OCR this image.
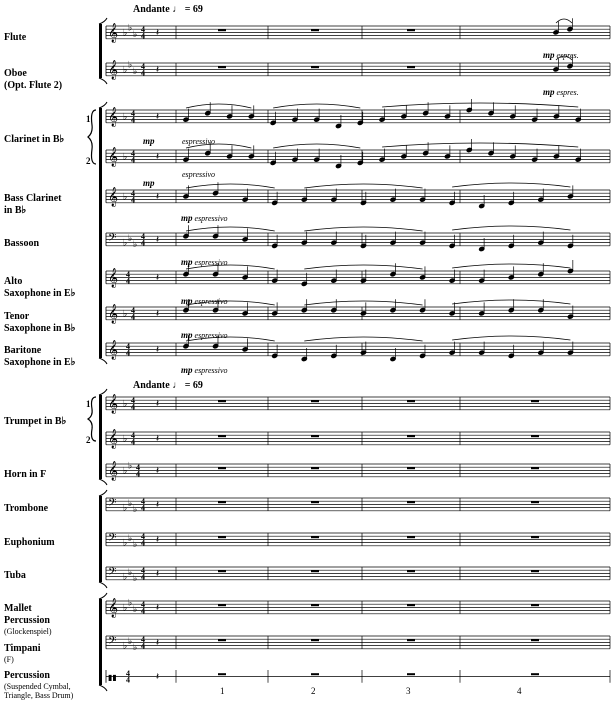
Flute
Oboe
(Opt. Flute 2)
Clarinet in B♭
1
2
Bass Clarinet
in B♭
Bassoon
Alto
Saxophone in E♭
Tenor
Saxophone in B♭
Baritone
Saxophone in E♭
Trumpet in B♭
1
2
Horn in F
Trombone
Euphonium
Tuba
Mallet
Percussion
(Glockenspiel)
Timpani
(F)
Percussion
(Suspended Cymbal,
Triangle, Bass Drum)
Andante ♩ = 69
Andante ♩ = 69
mp espres.
mp espres.
espressivo
mp
espressivo
mp
mp espressivo
mp espressivo
mp espressivo
mp espressivo
mp espressivo
1	2	3	4
𝄞 ♭ ♭
♭
4
4 𝄽
𝄞 ♭ ♭
♭
4
4 𝄽
𝄞 ♭ 4
4 𝄽
𝄞 ♭ 4
4 𝄽
𝄞 ♭ 4
4 𝄽
𝄢 ♭ ♭
♭
4
4 𝄽
𝄞 4
4	𝄽
𝄞 ♭ 4
4 𝄽
𝄞 4
4	𝄽
𝄞 ♭ 4
4 𝄽
𝄞 ♭ 4
4 𝄽
𝄞 ♭ ♭ 4
4 𝄽
𝄢 ♭ ♭
♭
4
4 𝄽
𝄢 ♭ ♭
♭
4
4 𝄽
𝄢 ♭ ♭
♭
4
4 𝄽
𝄞 ♭ ♭
♭
4
4 𝄽
𝄢 ♭ ♭
♭
4
4 𝄽
▮▮ 4
4	𝄽
